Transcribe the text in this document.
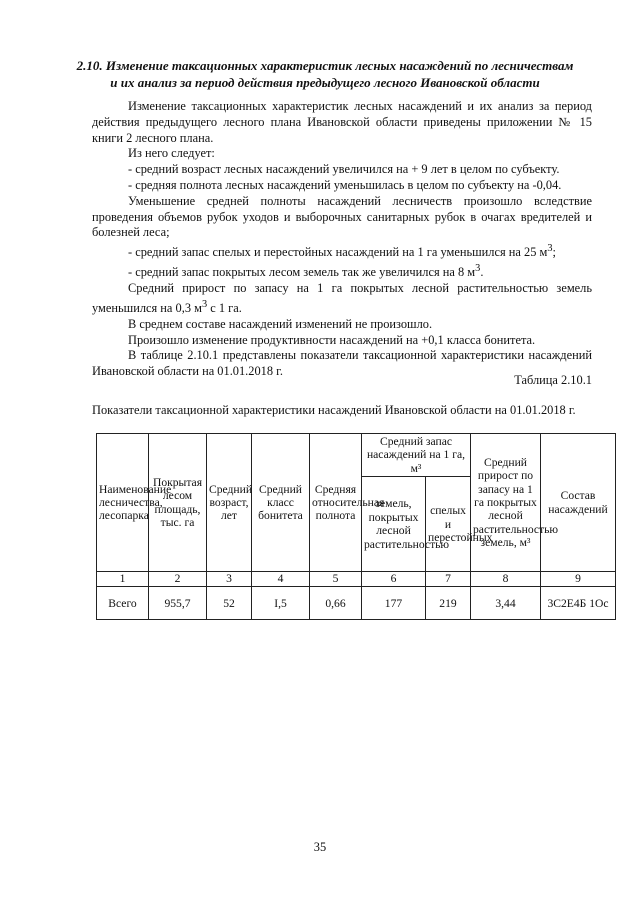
2.10. Изменение таксационных характеристик лесных насаждений по лесничествам
и их анализ за период действия предыдущего лесного Ивановской области

Изменение таксационных характеристик лесных насаждений и их анализ за период действия предыдущего лесного плана Ивановской области приведены приложении № 15 книги 2 лесного плана.

Из него следует:

- средний возраст лесных насаждений увеличился на + 9 лет в целом по субъекту.

- средняя полнота лесных насаждений уменьшилась в целом по субъекту на -0,04.

Уменьшение средней полноты насаждений лесничеств произошло вследствие проведения объемов рубок уходов и выборочных санитарных рубок в очагах вредителей и болезней леса;

- средний запас спелых и перестойных насаждений на 1 га уменьшился на 25 $м^3$;

- средний запас покрытых лесом земель так же увеличился на 8 $м^3$.

Средний прирост по запасу на 1 га покрытых лесной растительностью земель уменьшился на 0,3 $м^3$ с 1 га.

В среднем составе насаждений изменений не произошло.

Произошло изменение продуктивности насаждений на +0,1 класса бонитета.

В таблице 2.10.1 представлены показатели таксационной характеристики насаждений Ивановской области на 01.01.2018 г.

Таблица 2.10.1
Показатели таксационной характеристики насаждений Ивановской области на 01.01.2018 г.
Наименование лесничества, лесопарка	Покрытая лесом площадь, тыс. га	Средний возраст, лет	Средний класс бонитета	Средняя относительная полнота	Средний запас насаждений на 1 га, м³		Средний прирост по запасу на 1 га покрытых лесной растительностью земель, м³	Состав насаждений
					земель, покрытых лесной растительностью	спелых и перестойных		
1	2	3	4	5	6	7	8	9
Всего	955,7	52	I,5	0,66	177	219	3,44	3С2Е4Б 1Ос
35
